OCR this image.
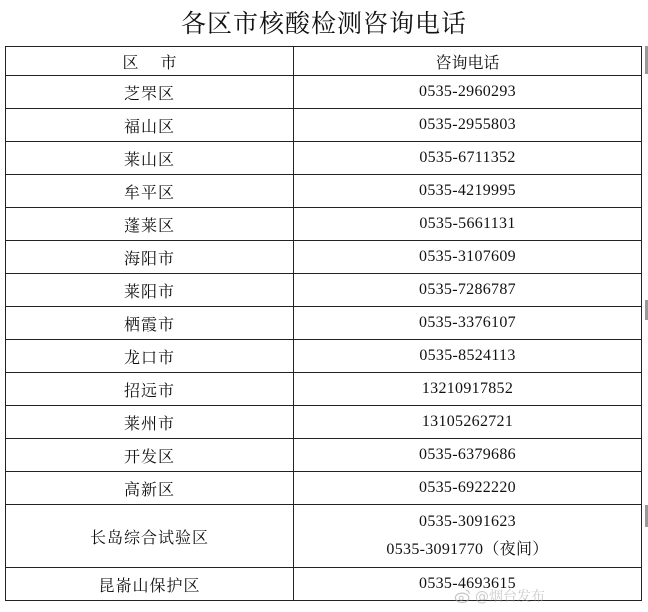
各区市核酸检测咨询电话
区市	咨询电话
芝罘区	0535-2960293

福山区	0535-2955803

莱山区	0535-6711352

牟平区	0535-4219995

蓬莱区	0535-5661131

海阳市	0535-3107609

莱阳市	0535-7286787

栖霞市	0535-3376107

龙口市	0535-8524113

招远市	13210917852

莱州市	13105262721

开发区	0535-6379686

高新区	0535-6922220

长岛综合试验区	0535-3091623
0535-3091770（夜间）

昆嵛山保护区	0535-4693615
@烟台发布
